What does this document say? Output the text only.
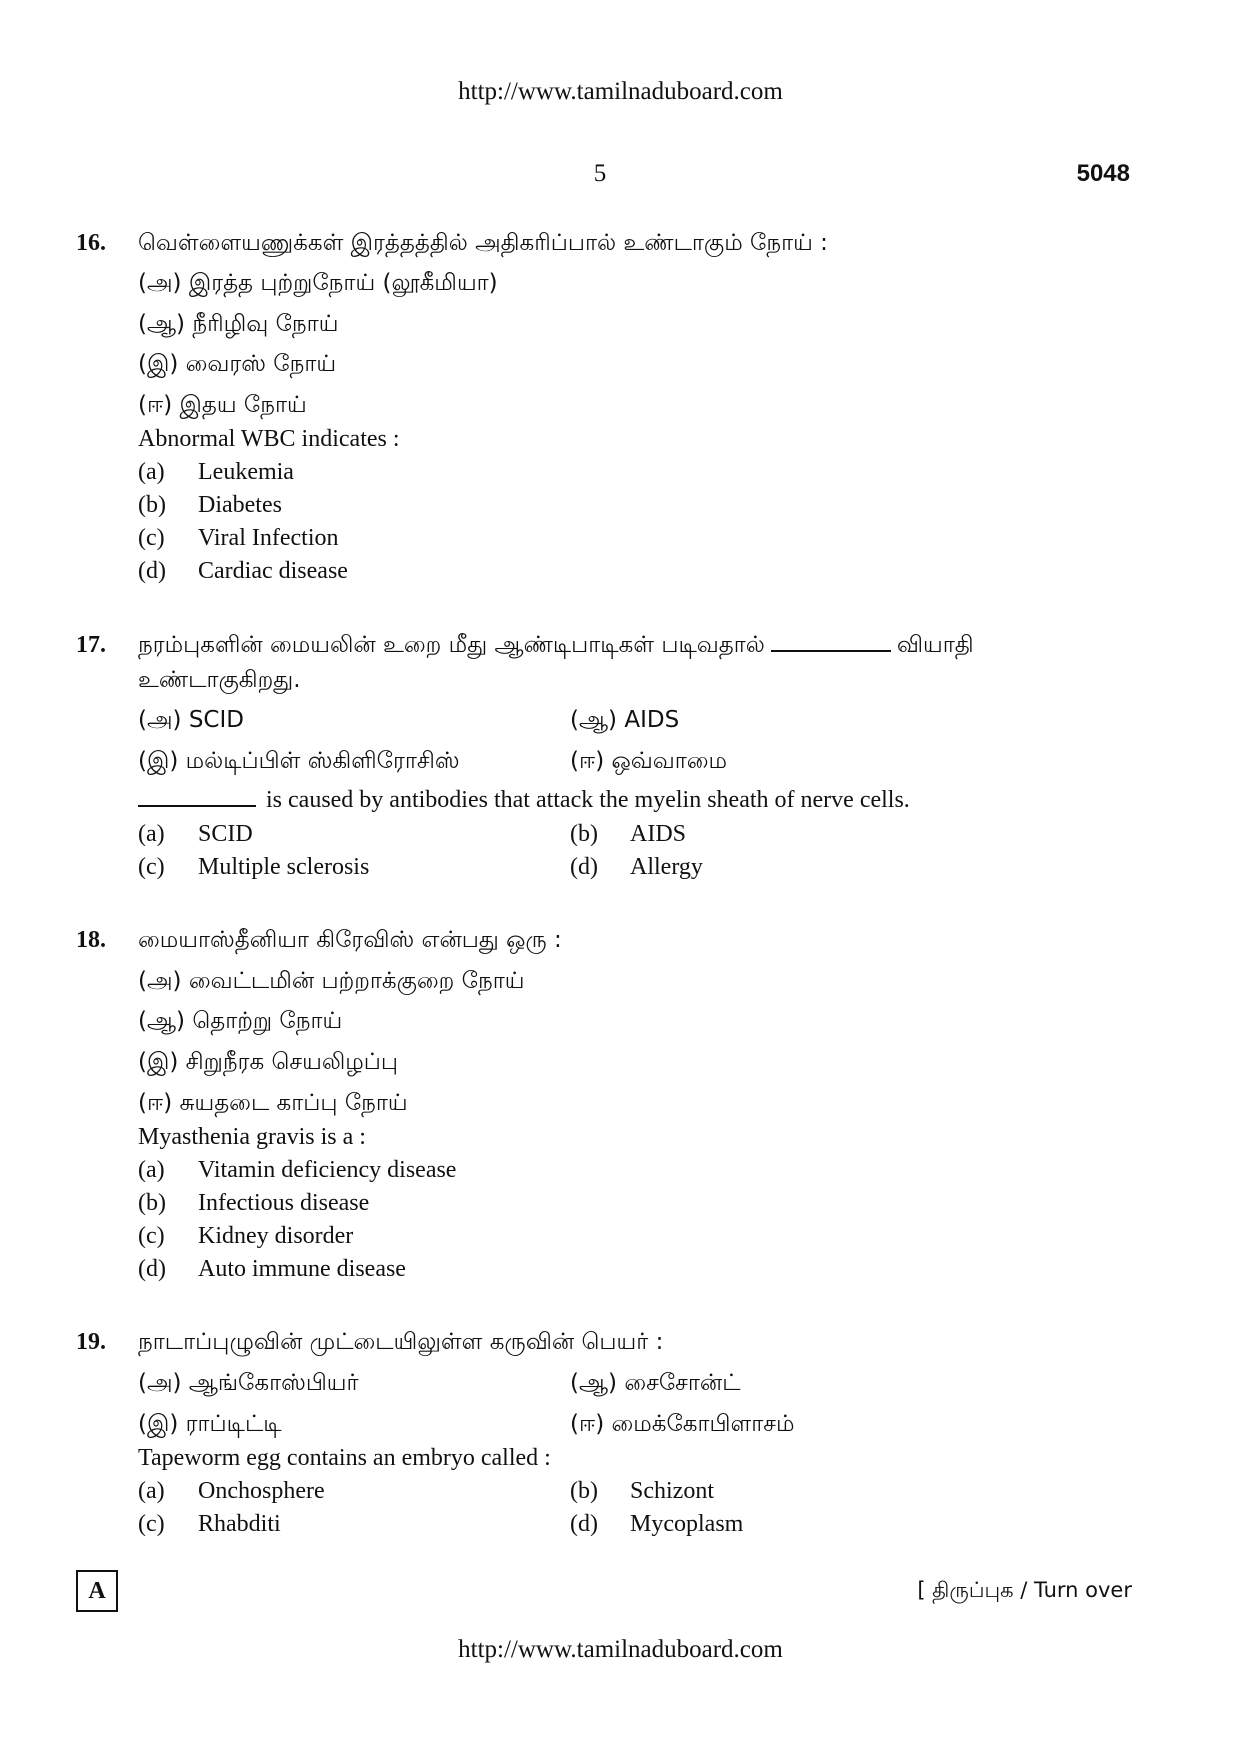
http://www.tamilnaduboard.com
5	5048
16.	வெள்ளையணுக்கள் இரத்தத்தில் அதிகரிப்பால் உண்டாகும் நோய் :
(அ) இரத்த புற்றுநோய் (லூகீமியா)
(ஆ) நீரிழிவு நோய்
(இ) வைரஸ் நோய்
(ஈ) இதய நோய்
Abnormal WBC indicates :
(a) Leukemia
(b) Diabetes
(c) Viral Infection
(d) Cardiac disease
17.	நரம்புகளின் மையலின் உறை மீது ஆண்டிபாடிகள் படிவதால்	வியாதி
உண்டாகுகிறது.
(அ) SCID	(ஆ) AIDS
(இ) மல்டிப்பிள் ஸ்கிளிரோசிஸ்	(ஈ) ஒவ்வாமை
is caused by antibodies that attack the myelin sheath of nerve cells.
(a) SCID	(b) AIDS
(c) Multiple sclerosis	(d) Allergy
18.	மையாஸ்தீனியா கிரேவிஸ் என்பது ஒரு :
(அ) வைட்டமின் பற்றாக்குறை நோய்
(ஆ) தொற்று நோய்
(இ) சிறுநீரக செயலிழப்பு
(ஈ) சுயதடை காப்பு நோய்
Myasthenia gravis is a :
(a) Vitamin deficiency disease
(b) Infectious disease
(c) Kidney disorder
(d) Auto immune disease
19.	நாடாப்புழுவின் முட்டையிலுள்ள கருவின் பெயர் :
(அ) ஆங்கோஸ்பியர்	(ஆ) சைசோன்ட்
(இ) ராப்டிட்டி	(ஈ) மைக்கோபிளாசம்
Tapeworm egg contains an embryo called :
(a) Onchosphere	(b) Schizont
(c) Rhabditi	(d) Mycoplasm
A	[ திருப்புக / Turn over
http://www.tamilnaduboard.com
